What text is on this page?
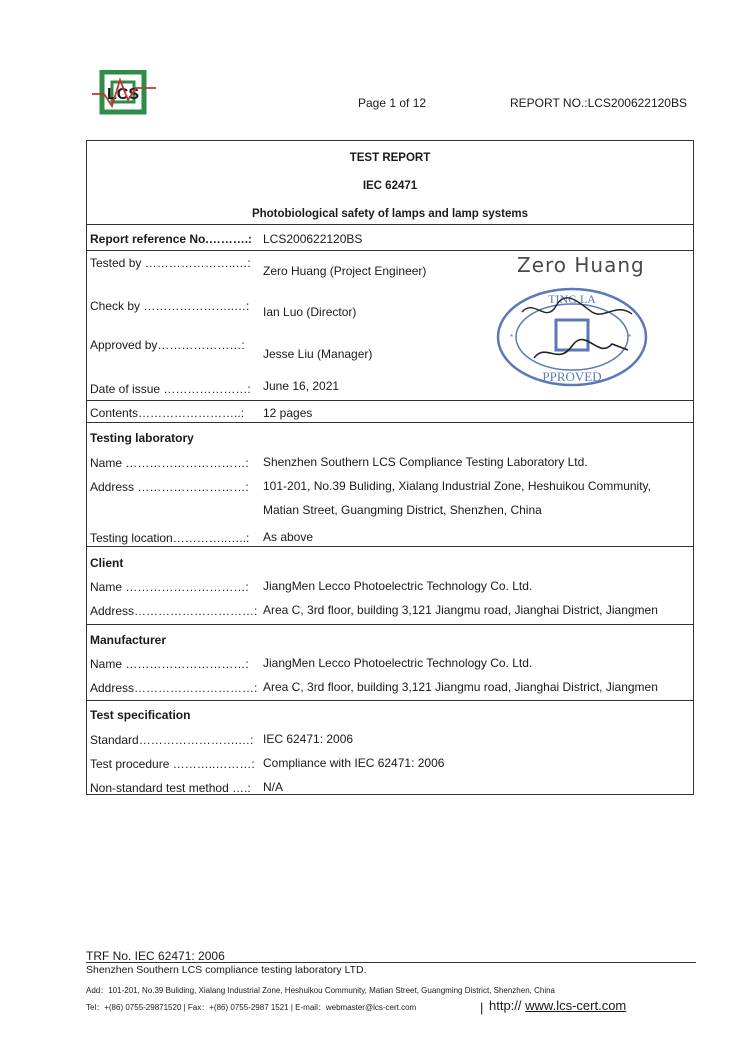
LCS	Page 1 of 12	REPORT NO.:LCS200622120BS
TEST REPORT
IEC 62471
Photobiological safety of lamps and lamp systems
Report reference No.……….: LCS200622120BS
Tested by …………………..…:
Zero Huang (Project Engineer)
Check by …………………..…: Ian Luo (Director)
Approved by…………………:
Jesse Liu (Manager)
Date of issue …………………: June 16, 2021
Contents……………………..: 12 pages
Zero Huang
TING LA
PPROVED
*	*
Testing laboratory
Name …………………………: Shenzhen Southern LCS Compliance Testing Laboratory Ltd.
Address ………………………: 101-201, No.39 Buliding, Xialang Industrial Zone, Heshuikou Community,
Matian Street, Guangming District, Shenzhen, China
Testing location…………..…..: As above
Client
Name …………………………: JiangMen Lecco Photoelectric Technology Co. Ltd.
Address…………………………: Area C, 3rd floor, building 3,121 Jiangmu road, Jianghai District, Jiangmen
Manufacturer
Name …………………………: JiangMen Lecco Photoelectric Technology Co. Ltd.
Address…………………………: Area C, 3rd floor, building 3,121 Jiangmu road, Jianghai District, Jiangmen
Test specification
Standard…………………….…: IEC 62471: 2006
Test procedure ………..………: Compliance with IEC 62471: 2006
Non-standard test method ….: N/A
TRF No. IEC 62471: 2006
Shenzhen Southern LCS compliance testing laboratory LTD.
Add：101-201, No.39 Buliding, Xialang Industrial Zone, Heshuikou Community, Matian Street, Guangming District, Shenzhen, China
Tel：+(86) 0755-29871520 | Fax：+(86) 0755-2987 1521 | E-mail：webmaster@lcs-cert.com	| http:// www.lcs-cert.com
